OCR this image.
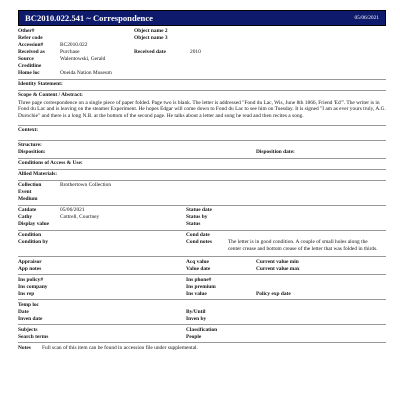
BC2010.022.541 ~ Correspondence	05/06/2021
Other#	Object name 2
Refer code	Object name 3
Accession#	BC2010.022
Received as	Purchase	Received date	2010
Source	Walentowski, Gerald
Creditline
Home loc	Oneida Nation Museum
Identity Statement:
Scope & Content / Abstract:
Three page correspondence on a single piece of paper folded. Page two is blank. The letter is addressed "Fond du Lac, Wis, June 8th 1866, Friend 'Ed'". The writer is in Fond du Lac and is leaving on the steamer Experiment. He hopes Edgar will come down to Fond du Lac to see him on Tuesday. It is signed "I am as ever yours truly, A.G. Durochie" and there is a long N.B. at the bottom of the second page. He talks about a letter and song he read and then recites a song.
Context:
Structure:
Disposition:	Disposition date:
Conditions of Access & Use:
Allied Materials:
Collection	Brothertown Collection
Event
Medium
Catdate	05/06/2021	Statue date
Cathy	Cottrell, Courtney	Status by
Display value	Status
Condition	Cond date
Condition by	Cond notes	The letter is in good condition. A couple of small holes along the center crease and bottom crease of the letter that was folded in thirds.
Appraisor	Acq value	Current value min
App notes	Value date	Current value max
Ins policy#	Ins phone#
Ins company	Ins premium
Ins rep	Ins value	Policy exp date
Temp loc
Date	By/Until
Inven date	Inven by
Subjects	Classification
Search terms	People
Notes	Full scan of this item can be found in accession file under supplemental.
